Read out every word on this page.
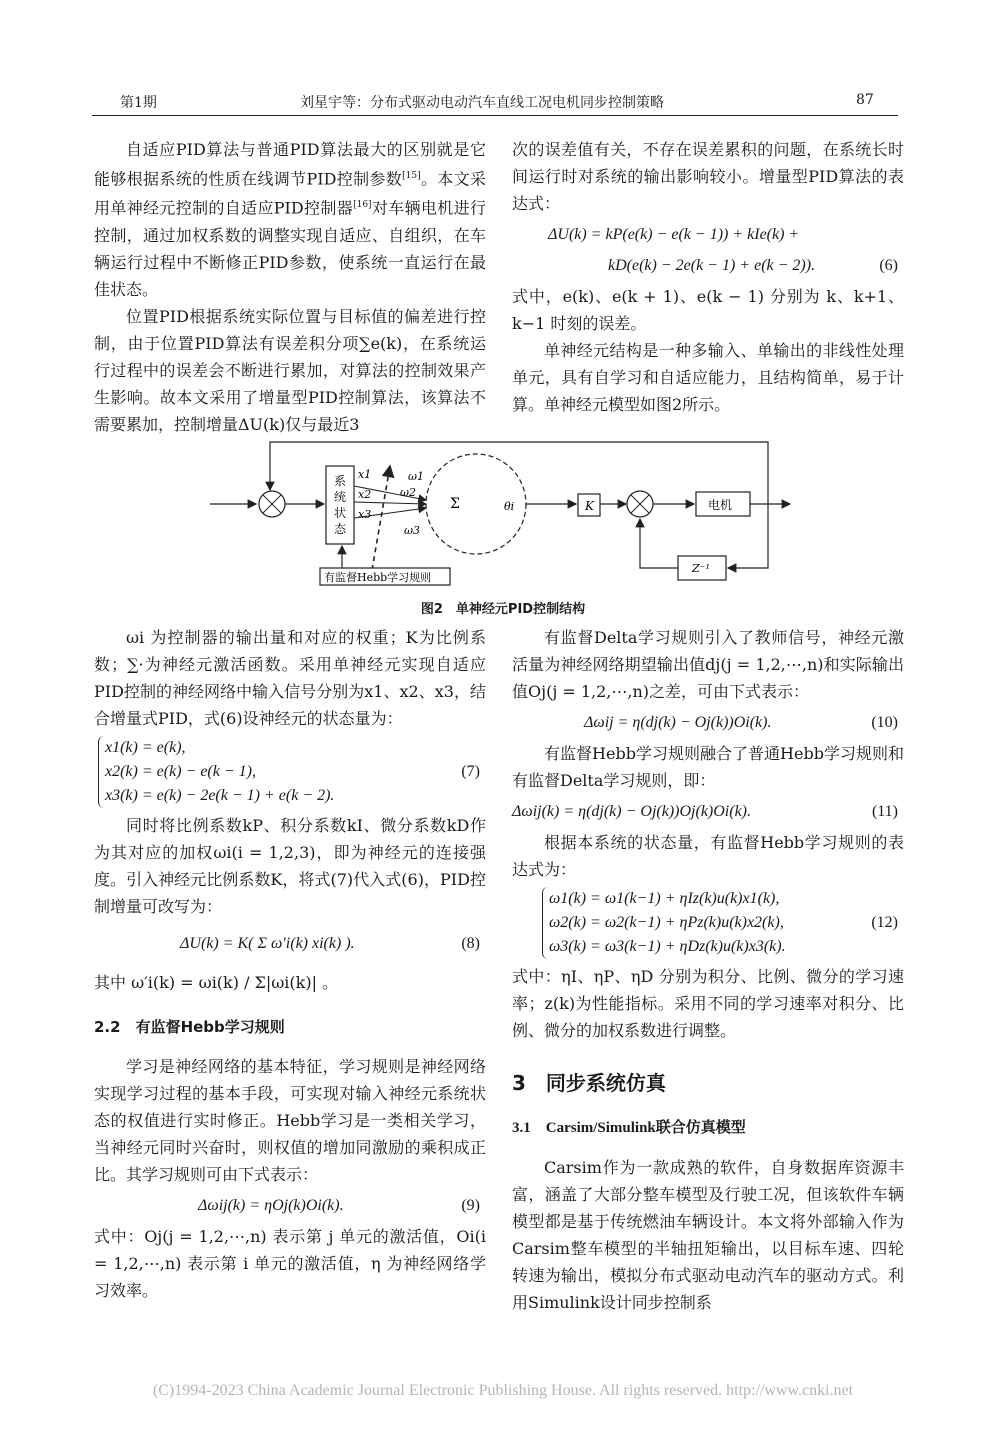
第1期	刘星宇等：分布式驱动电动汽车直线工况电机同步控制策略	87

自适应PID算法与普通PID算法最大的区别就是它能够根据系统的性质在线调节PID控制参数[15]。本文采用单神经元控制的自适应PID控制器[16]对车辆电机进行控制，通过加权系数的调整实现自适应、自组织，在车辆运行过程中不断修正PID参数，使系统一直运行在最佳状态。

位置PID根据系统实际位置与目标值的偏差进行控制，由于位置PID算法有误差积分项∑e(k)，在系统运行过程中的误差会不断进行累加，对算法的控制效果产生影响。故本文采用了增量型PID控制算法，该算法不需要累加，控制增量ΔU(k)仅与最近3

次的误差值有关，不存在误差累积的问题，在系统长时间运行时对系统的输出影响较小。增量型PID算法的表达式：

ΔU(k) = kP(e(k) − e(k − 1)) + kIe(k) +
kD(e(k) − 2e(k − 1) + e(k − 2)).	(6)

式中，e(k)、e(k + 1)、e(k − 1) 分别为 k、k+1、k−1 时刻的误差。

单神经元结构是一种多输入、单输出的非线性处理单元，具有自学习和自适应能力，且结构简单，易于计算。单神经元模型如图2所示。

系
统
状
态
x1
x2
x3
ω1
ω2
ω3
Σ	θi	K	电机
Z⁻¹
有监督Hebb学习规则
图2　单神经元PID控制结构

ωi 为控制器的输出量和对应的权重；K为比例系数；∑·为神经元激活函数。采用单神经元实现自适应PID控制的神经网络中输入信号分别为x1、x2、x3，结合增量式PID，式(6)设神经元的状态量为：

x1(k) = e(k),
x2(k) = e(k) − e(k − 1),	(7)
x3(k) = e(k) − 2e(k − 1) + e(k − 2).

同时将比例系数kP、积分系数kI、微分系数kD作为其对应的加权ωi(i = 1,2,3)，即为神经元的连接强度。引入神经元比例系数K，将式(7)代入式(6)，PID控制增量可改写为：

ΔU(k) = K( Σ ω′i(k) xi(k) ).	(8)

其中 ω′i(k) = ωi(k) / Σ|ωi(k)| 。

2.2　有监督Hebb学习规则

学习是神经网络的基本特征，学习规则是神经网络实现学习过程的基本手段，可实现对输入神经元系统状态的权值进行实时修正。Hebb学习是一类相关学习，当神经元同时兴奋时，则权值的增加同激励的乘积成正比。其学习规则可由下式表示：

Δωij(k) = ηOj(k)Oi(k).	(9)

式中：Oj(j = 1,2,⋯,n) 表示第 j 单元的激活值，Oi(i = 1,2,⋯,n) 表示第 i 单元的激活值，η 为神经网络学习效率。

有监督Delta学习规则引入了教师信号，神经元激活量为神经网络期望输出值dj(j = 1,2,⋯,n)和实际输出值Oj(j = 1,2,⋯,n)之差，可由下式表示：

Δωij = η(dj(k) − Oj(k))Oi(k).	(10)

有监督Hebb学习规则融合了普通Hebb学习规则和有监督Delta学习规则，即：

Δωij(k) = η(dj(k) − Oj(k))Oj(k)Oi(k).	(11)

根据本系统的状态量，有监督Hebb学习规则的表达式为：

ω1(k) = ω1(k−1) + ηIz(k)u(k)x1(k),
ω2(k) = ω2(k−1) + ηPz(k)u(k)x2(k),	(12)
ω3(k) = ω3(k−1) + ηDz(k)u(k)x3(k).

式中：ηI、ηP、ηD 分别为积分、比例、微分的学习速率；z(k)为性能指标。采用不同的学习速率对积分、比例、微分的加权系数进行调整。

3　同步系统仿真
3.1　Carsim/Simulink联合仿真模型

Carsim作为一款成熟的软件，自身数据库资源丰富，涵盖了大部分整车模型及行驶工况，但该软件车辆模型都是基于传统燃油车辆设计。本文将外部输入作为Carsim整车模型的半轴扭矩输出，以目标车速、四轮转速为输出，模拟分布式驱动电动汽车的驱动方式。利用Simulink设计同步控制系

(C)1994-2023 China Academic Journal Electronic Publishing House. All rights reserved. http://www.cnki.net
